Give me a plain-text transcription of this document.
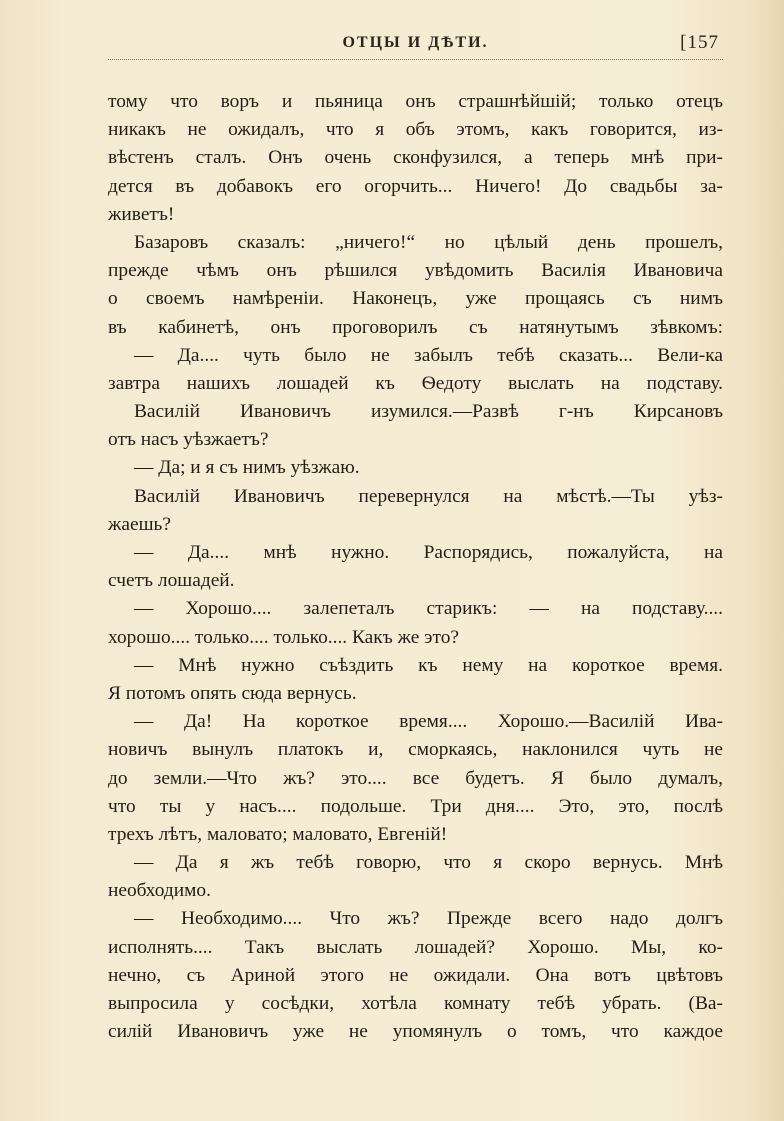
ОТЦЫ И ДѢТИ.	[157
тому что воръ и пьяница онъ страшнѣйшій; только отецъ
никакъ не ожидалъ, что я объ этомъ, какъ говорится, из-
вѣстенъ сталъ. Онъ очень сконфузился, а теперь мнѣ при-
дется въ добавокъ его огорчить... Ничего! До свадьбы за-
живетъ!
Базаровъ сказалъ: „ничего!“ но цѣлый день прошелъ,
прежде чѣмъ онъ рѣшился увѣдомить Василія Ивановича
о своемъ намѣреніи. Наконецъ, уже прощаясь съ нимъ
въ кабинетѣ, онъ проговорилъ съ натянутымъ зѣвкомъ:
— Да.... чуть было не забылъ тебѣ сказать... Вели-ка
завтра нашихъ лошадей къ Ѳедоту выслать на подставу.
Василій Ивановичъ изумился.—Развѣ г-нъ Кирсановъ
отъ насъ уѣзжаетъ?
— Да; и я съ нимъ уѣзжаю.
Василій Ивановичъ перевернулся на мѣстѣ.—Ты уѣз-
жаешь?
— Да.... мнѣ нужно. Распорядись, пожалуйста, на
счетъ лошадей.
— Хорошо.... залепеталъ старикъ: — на подставу....
хорошо.... только.... только.... Какъ же это?
— Мнѣ нужно съѣздить къ нему на короткое время.
Я потомъ опять сюда вернусь.
— Да! На короткое время.... Хорошо.—Василій Ива-
новичъ вынулъ платокъ и, сморкаясь, наклонился чуть не
до земли.—Что жъ? это.... все будетъ. Я было думалъ,
что ты у насъ.... подольше. Три дня.... Это, это, послѣ
трехъ лѣтъ, маловато; маловато, Евгеній!
— Да я жъ тебѣ говорю, что я скоро вернусь. Мнѣ
необходимо.
— Необходимо.... Что жъ? Прежде всего надо долгъ
исполнять.... Такъ выслать лошадей? Хорошо. Мы, ко-
нечно, съ Ариной этого не ожидали. Она вотъ цвѣтовъ
выпросила у сосѣдки, хотѣла комнату тебѣ убрать. (Ва-
силій Ивановичъ уже не упомянулъ о томъ, что каждое
